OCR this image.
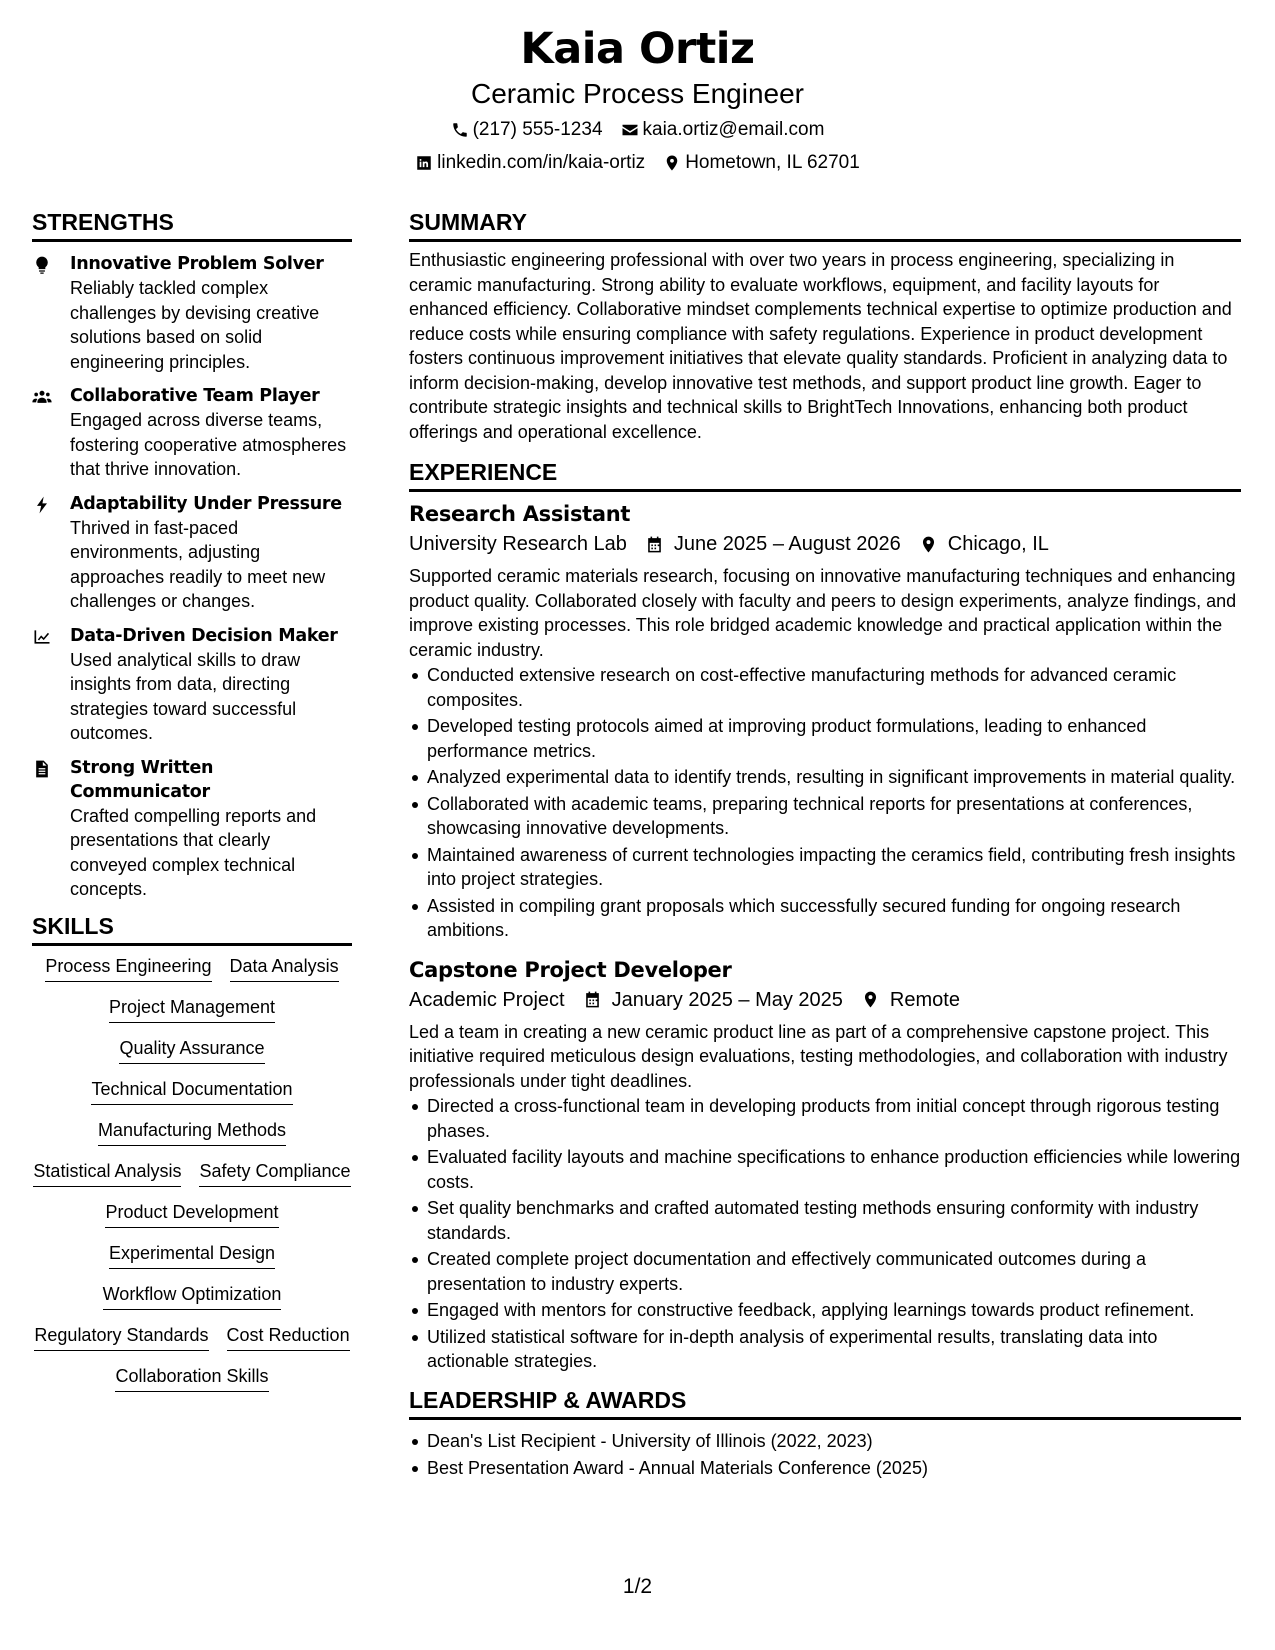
Kaia Ortiz
Ceramic Process Engineer
(217) 555-1234 kaia.ortiz@email.com
linkedin.com/in/kaia-ortiz Hometown, IL 62701
STRENGTHS
Innovative Problem Solver
Reliably tackled complex challenges by devising creative solutions based on solid engineering principles.
Collaborative Team Player
Engaged across diverse teams, fostering cooperative atmospheres that thrive innovation.
Adaptability Under Pressure
Thrived in fast-paced environments, adjusting approaches readily to meet new challenges or changes.
Data-Driven Decision Maker
Used analytical skills to draw insights from data, directing strategies toward successful outcomes.
Strong Written Communicator
Crafted compelling reports and presentations that clearly conveyed complex technical concepts.
SKILLS
Process Engineering Data Analysis
Project Management
Quality Assurance
Technical Documentation
Manufacturing Methods
Statistical Analysis Safety Compliance
Product Development
Experimental Design
Workflow Optimization
Regulatory Standards Cost Reduction
Collaboration Skills
SUMMARY
Enthusiastic engineering professional with over two years in process engineering, specializing in ceramic manufacturing. Strong ability to evaluate workflows, equipment, and facility layouts for enhanced efficiency. Collaborative mindset complements technical expertise to optimize production and reduce costs while ensuring compliance with safety regulations. Experience in product development fosters continuous improvement initiatives that elevate quality standards. Proficient in analyzing data to inform decision-making, develop innovative test methods, and support product line growth. Eager to contribute strategic insights and technical skills to BrightTech Innovations, enhancing both product offerings and operational excellence.
EXPERIENCE
Research Assistant
University Research Lab June 2025 – August 2026 Chicago, IL
Supported ceramic materials research, focusing on innovative manufacturing techniques and enhancing product quality. Collaborated closely with faculty and peers to design experiments, analyze findings, and improve existing processes. This role bridged academic knowledge and practical application within the ceramic industry.
Conducted extensive research on cost-effective manufacturing methods for advanced ceramic composites.
Developed testing protocols aimed at improving product formulations, leading to enhanced performance metrics.
Analyzed experimental data to identify trends, resulting in significant improvements in material quality.
Collaborated with academic teams, preparing technical reports for presentations at conferences, showcasing innovative developments.
Maintained awareness of current technologies impacting the ceramics field, contributing fresh insights into project strategies.
Assisted in compiling grant proposals which successfully secured funding for ongoing research ambitions.
Capstone Project Developer
Academic Project January 2025 – May 2025 Remote
Led a team in creating a new ceramic product line as part of a comprehensive capstone project. This initiative required meticulous design evaluations, testing methodologies, and collaboration with industry professionals under tight deadlines.
Directed a cross-functional team in developing products from initial concept through rigorous testing phases.
Evaluated facility layouts and machine specifications to enhance production efficiencies while lowering costs.
Set quality benchmarks and crafted automated testing methods ensuring conformity with industry standards.
Created complete project documentation and effectively communicated outcomes during a presentation to industry experts.
Engaged with mentors for constructive feedback, applying learnings towards product refinement.
Utilized statistical software for in-depth analysis of experimental results, translating data into actionable strategies.
LEADERSHIP & AWARDS
Dean's List Recipient - University of Illinois (2022, 2023)
Best Presentation Award - Annual Materials Conference (2025)
1/2
